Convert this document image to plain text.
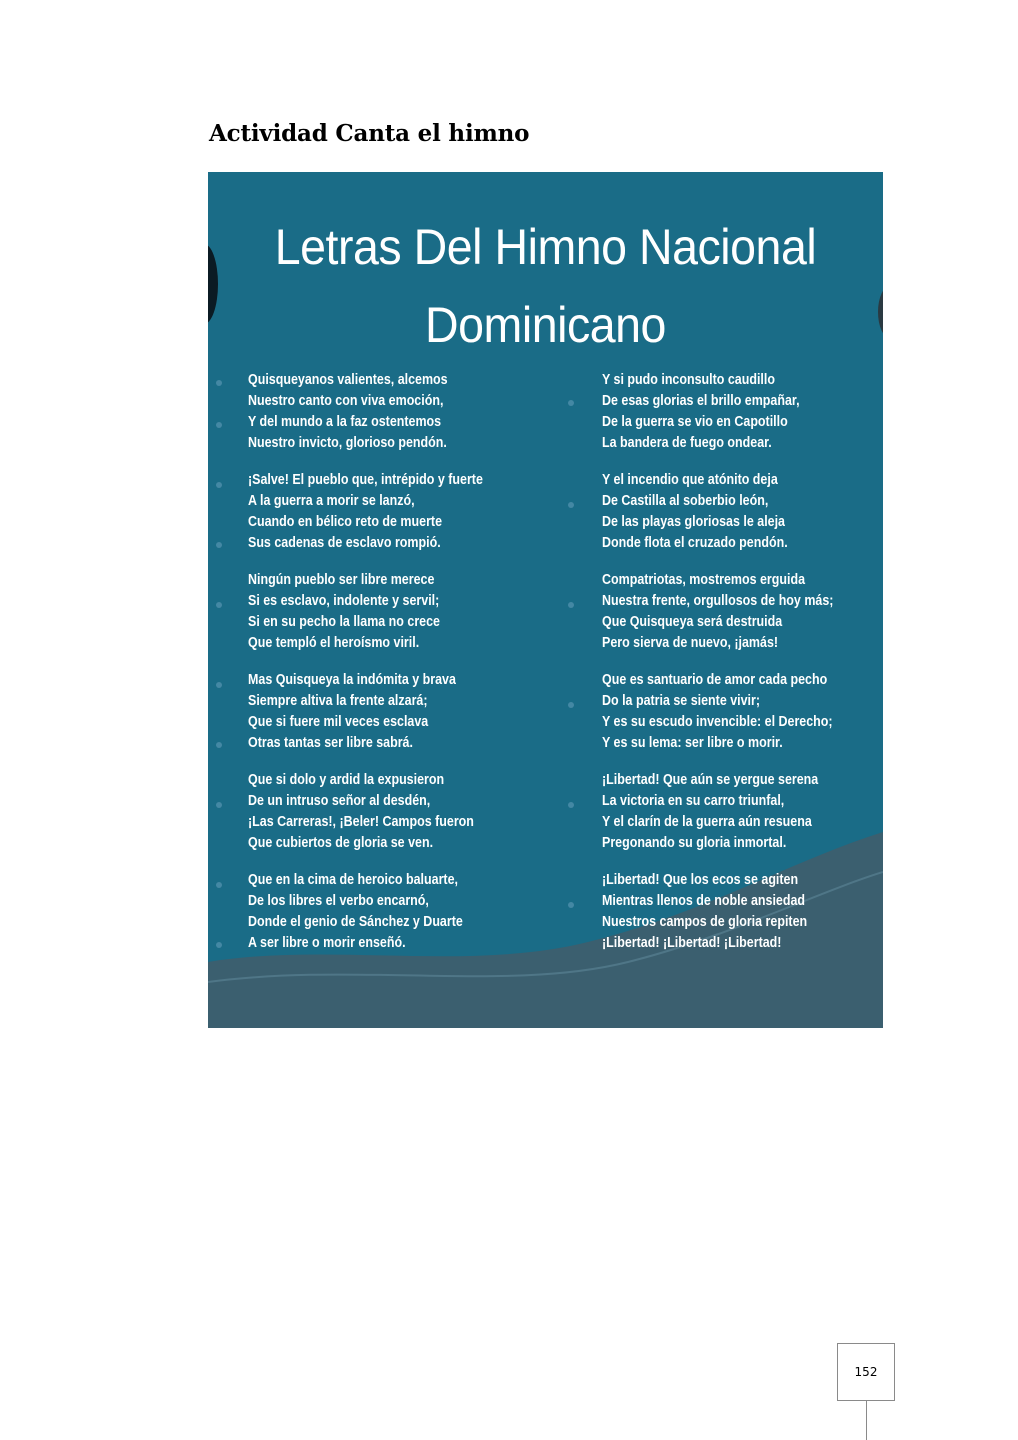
Actividad Canta el himno
Letras Del Himno Nacional
Dominicano
Quisqueyanos valientes, alcemos
Nuestro canto con viva emoción,
Y del mundo a la faz ostentemos
Nuestro invicto, glorioso pendón.
¡Salve! El pueblo que, intrépido y fuerte
A la guerra a morir se lanzó,
Cuando en bélico reto de muerte
Sus cadenas de esclavo rompió.
Ningún pueblo ser libre merece
Si es esclavo, indolente y servil;
Si en su pecho la llama no crece
Que templó el heroísmo viril.
Mas Quisqueya la indómita y brava
Siempre altiva la frente alzará;
Que si fuere mil veces esclava
Otras tantas ser libre sabrá.
Que si dolo y ardid la expusieron
De un intruso señor al desdén,
¡Las Carreras!, ¡Beler! Campos fueron
Que cubiertos de gloria se ven.
Que en la cima de heroico baluarte,
De los libres el verbo encarnó,
Donde el genio de Sánchez y Duarte
A ser libre o morir enseñó.
Y si pudo inconsulto caudillo
De esas glorias el brillo empañar,
De la guerra se vio en Capotillo
La bandera de fuego ondear.
Y el incendio que atónito deja
De Castilla al soberbio león,
De las playas gloriosas le aleja
Donde flota el cruzado pendón.
Compatriotas, mostremos erguida
Nuestra frente, orgullosos de hoy más;
Que Quisqueya será destruida
Pero sierva de nuevo, ¡jamás!
Que es santuario de amor cada pecho
Do la patria se siente vivir;
Y es su escudo invencible: el Derecho;
Y es su lema: ser libre o morir.
¡Libertad! Que aún se yergue serena
La victoria en su carro triunfal,
Y el clarín de la guerra aún resuena
Pregonando su gloria inmortal.
¡Libertad! Que los ecos se agiten
Mientras llenos de noble ansiedad
Nuestros campos de gloria repiten
¡Libertad! ¡Libertad! ¡Libertad!
152
